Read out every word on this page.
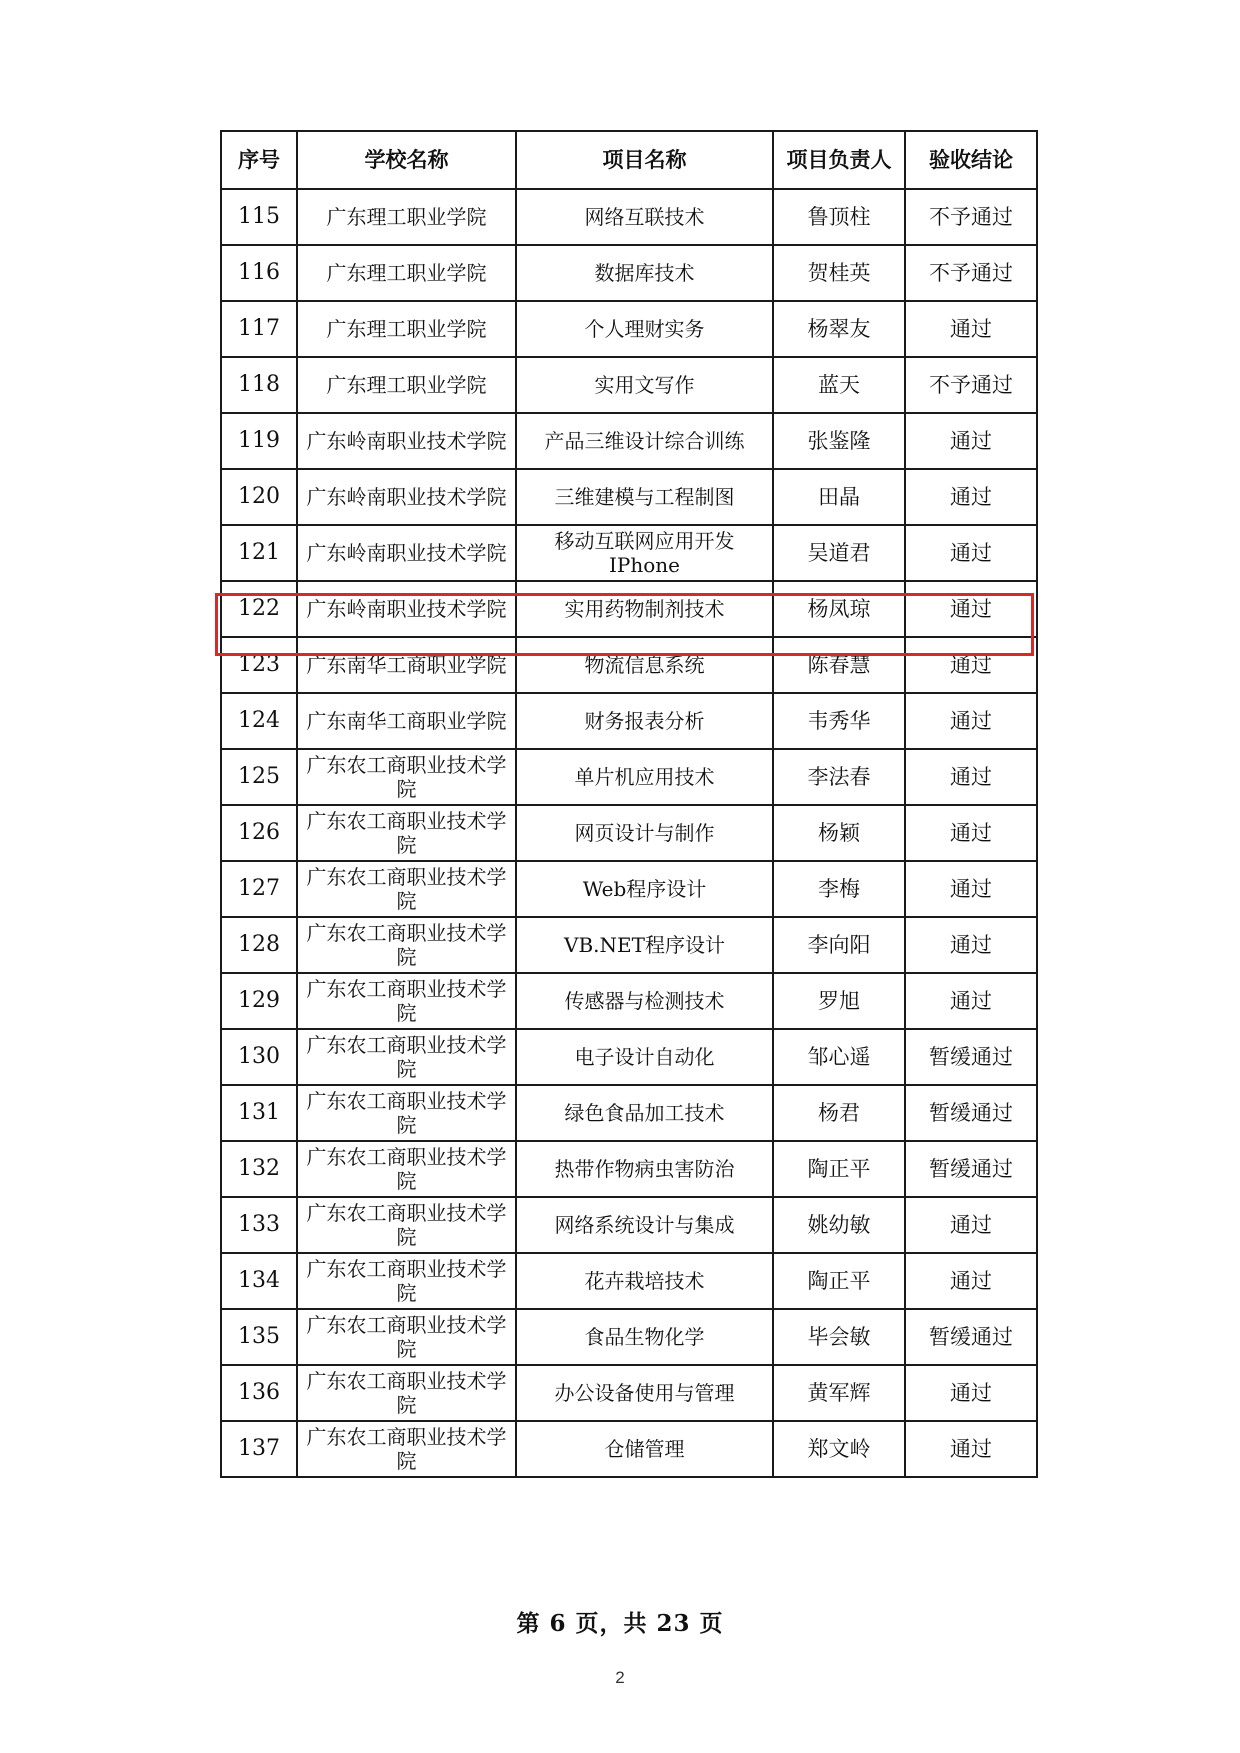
序号	学校名称	项目名称	项目负责人	验收结论
115	广东理工职业学院	网络互联技术	鲁顶柱	不予通过
116	广东理工职业学院	数据库技术	贺桂英	不予通过
117	广东理工职业学院	个人理财实务	杨翠友	通过
118	广东理工职业学院	实用文写作	蓝天	不予通过
119	广东岭南职业技术学院	产品三维设计综合训练	张鉴隆	通过
120	广东岭南职业技术学院	三维建模与工程制图	田晶	通过
121	广东岭南职业技术学院	移动互联网应用开发IPhone	吴道君	通过
122	广东岭南职业技术学院	实用药物制剂技术	杨凤琼	通过
123	广东南华工商职业学院	物流信息系统	陈春慧	通过
124	广东南华工商职业学院	财务报表分析	韦秀华	通过
125	广东农工商职业技术学院	单片机应用技术	李法春	通过
126	广东农工商职业技术学院	网页设计与制作	杨颖	通过
127	广东农工商职业技术学院	Web程序设计	李梅	通过
128	广东农工商职业技术学院	VB.NET程序设计	李向阳	通过
129	广东农工商职业技术学院	传感器与检测技术	罗旭	通过
130	广东农工商职业技术学院	电子设计自动化	邹心遥	暂缓通过
131	广东农工商职业技术学院	绿色食品加工技术	杨君	暂缓通过
132	广东农工商职业技术学院	热带作物病虫害防治	陶正平	暂缓通过
133	广东农工商职业技术学院	网络系统设计与集成	姚幼敏	通过
134	广东农工商职业技术学院	花卉栽培技术	陶正平	通过
135	广东农工商职业技术学院	食品生物化学	毕会敏	暂缓通过
136	广东农工商职业技术学院	办公设备使用与管理	黄军辉	通过
137	广东农工商职业技术学院	仓储管理	郑文岭	通过
第 6 页，共 23 页
2
